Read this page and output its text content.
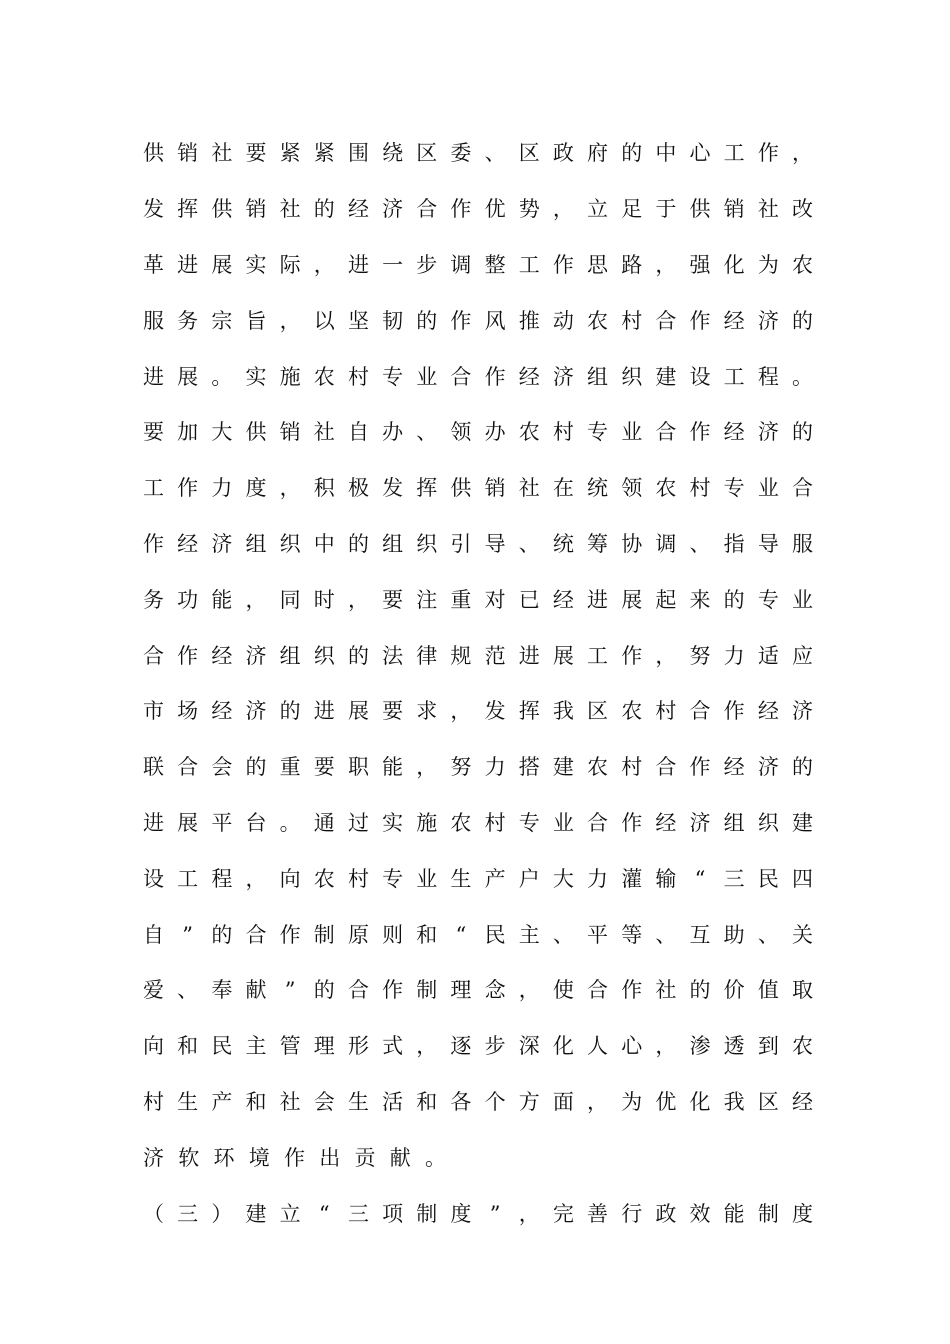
供 销 社 要 紧 紧 围 绕 区 委 、 区 政 府 的 中 心 工 作 ，
发 挥 供 销 社 的 经 济 合 作 优 势 ， 立 足 于 供 销 社 改
革 进 展 实 际 ， 进 一 步 调 整 工 作 思 路 ， 强 化 为 农
服 务 宗 旨 ， 以 坚 韧 的 作 风 推 动 农 村 合 作 经 济 的
进 展 。 实 施 农 村 专 业 合 作 经 济 组 织 建 设 工 程 。
要 加 大 供 销 社 自 办 、 领 办 农 村 专 业 合 作 经 济 的
工 作 力 度 ， 积 极 发 挥 供 销 社 在 统 领 农 村 专 业 合
作 经 济 组 织 中 的 组 织 引 导 、 统 筹 协 调 、 指 导 服
务 功 能 ， 同 时 ， 要 注 重 对 已 经 进 展 起 来 的 专 业
合 作 经 济 组 织 的 法 律 规 范 进 展 工 作 ， 努 力 适 应
市 场 经 济 的 进 展 要 求 ， 发 挥 我 区 农 村 合 作 经 济
联 合 会 的 重 要 职 能 ， 努 力 搭 建 农 村 合 作 经 济 的
进 展 平 台 。 通 过 实 施 农 村 专 业 合 作 经 济 组 织 建
设 工 程 ， 向 农 村 专 业 生 产 户 大 力 灌 输 “ 三 民 四
自 ” 的 合 作 制 原 则 和 “ 民 主 、 平 等 、 互 助 、 关
爱 、 奉 献 ” 的 合 作 制 理 念 ， 使 合 作 社 的 价 值 取
向 和 民 主 管 理 形 式 ， 逐 步 深 化 人 心 ， 渗 透 到 农
村 生 产 和 社 会 生 活 和 各 个 方 面 ， 为 优 化 我 区 经
济 软 环 境 作 出 贡 献 。
（ 三 ） 建 立 “ 三 项 制 度 ” ， 完 善 行 政 效 能 制 度
